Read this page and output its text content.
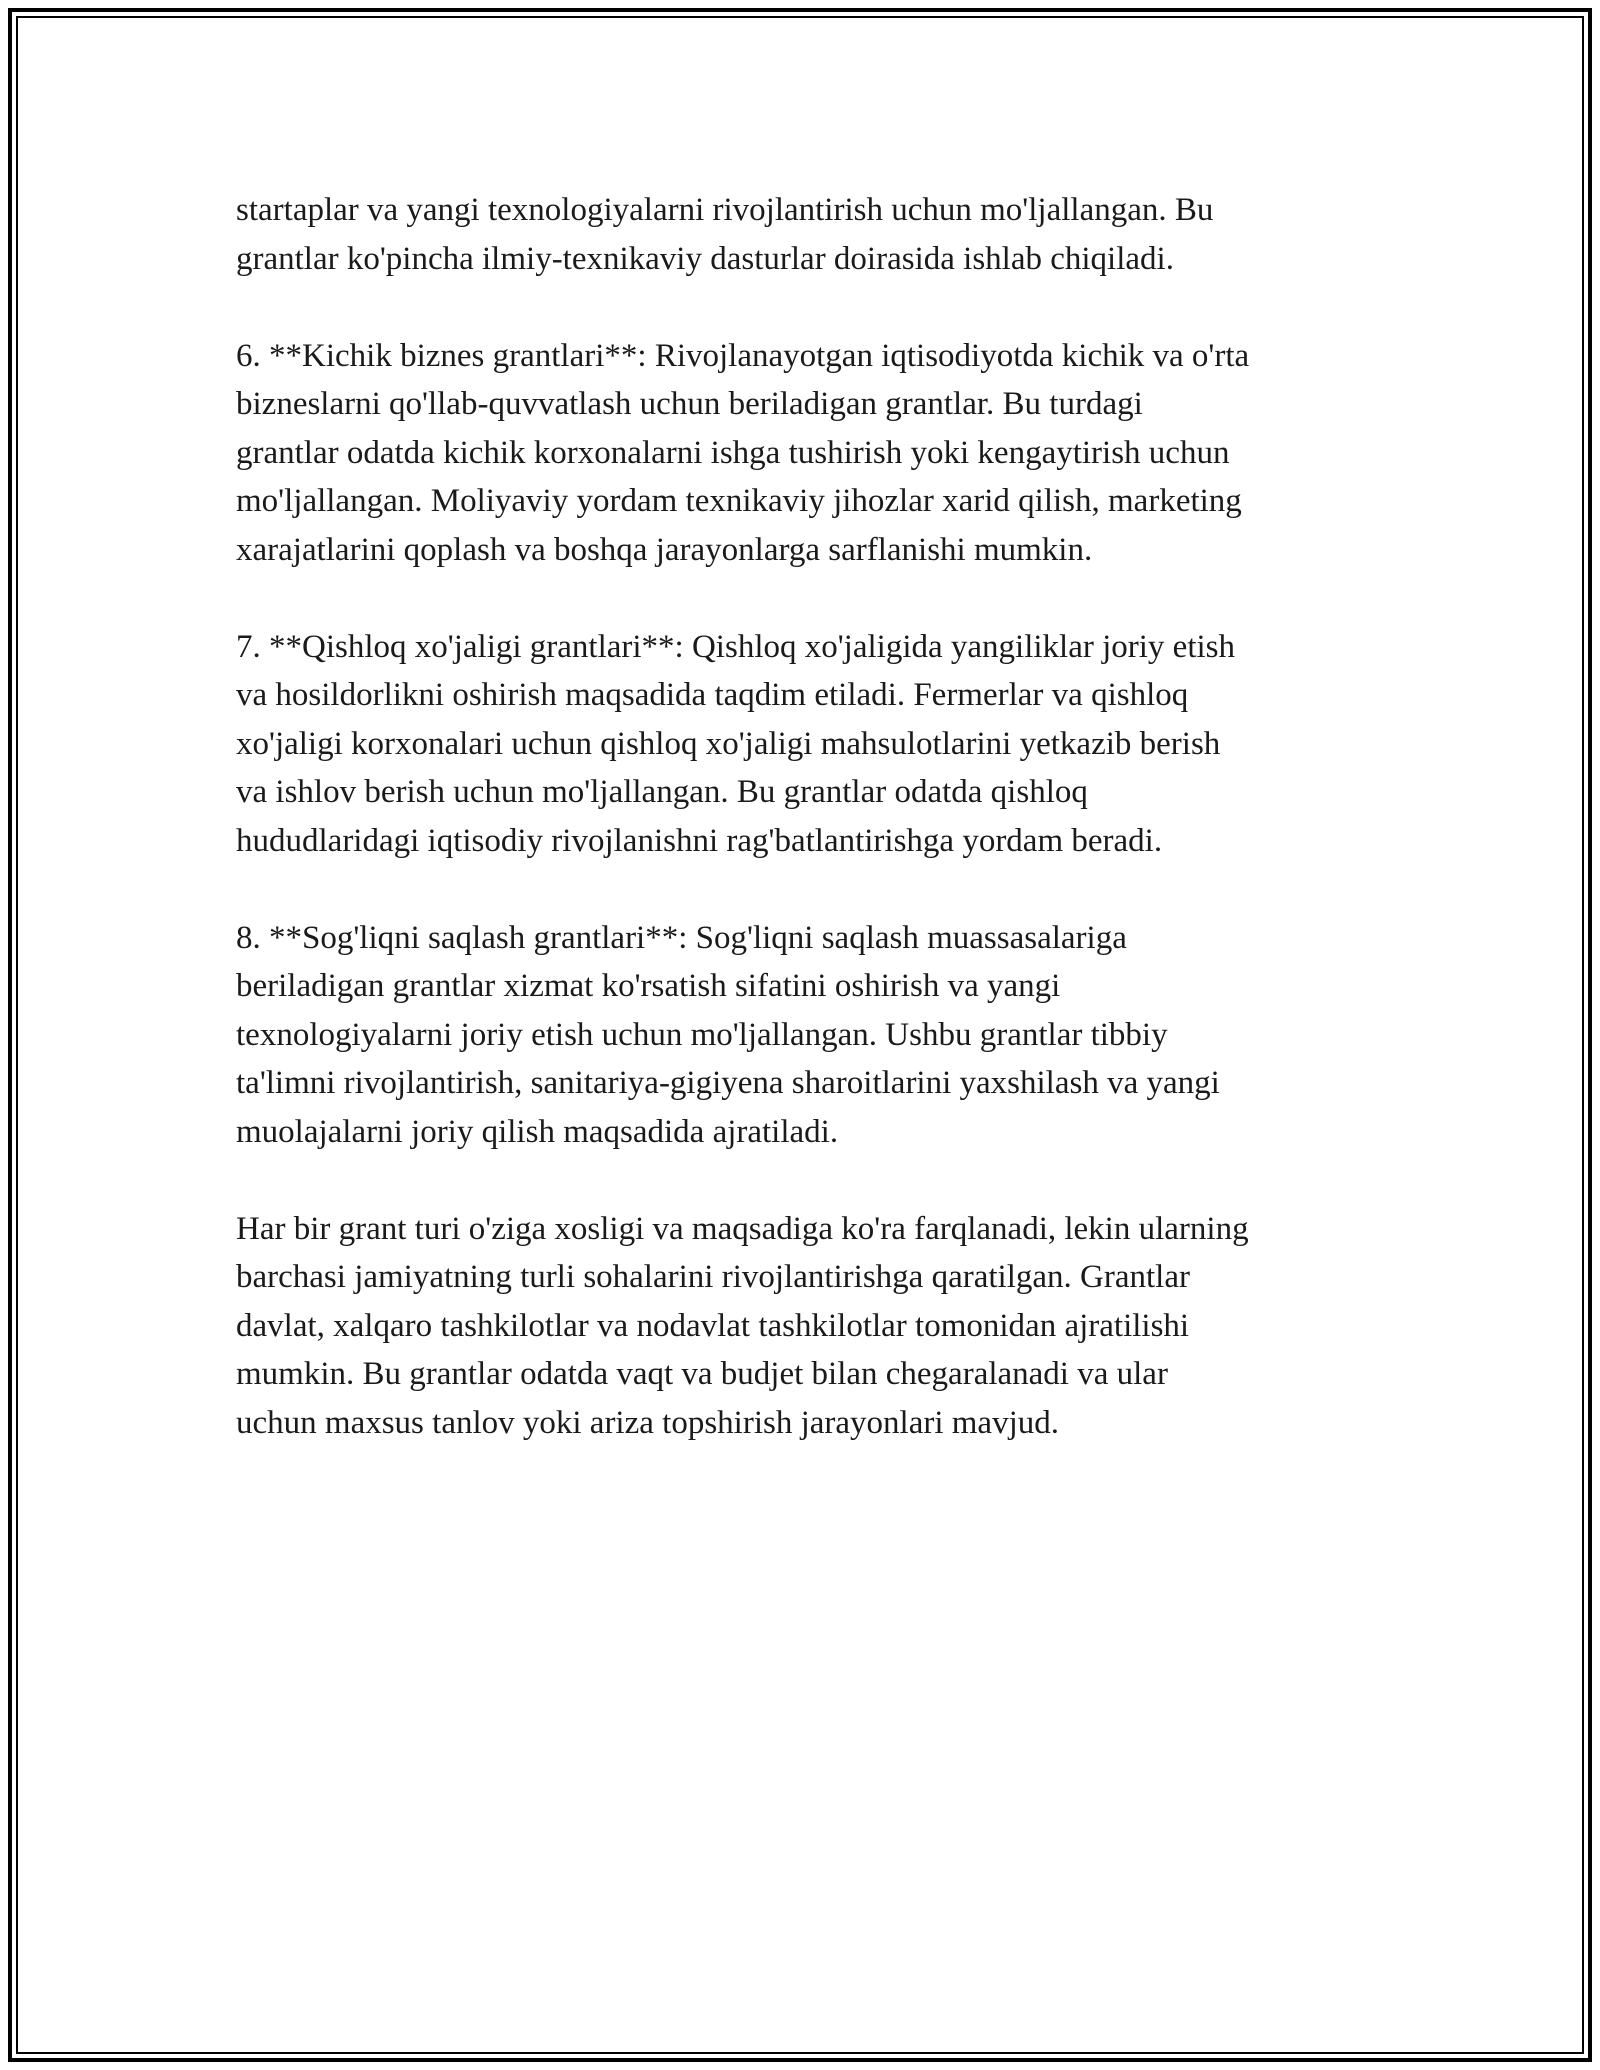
startaplar va yangi texnologiyalarni rivojlantirish uchun mo'ljallangan. Bu
grantlar ko'pincha ilmiy-texnikaviy dasturlar doirasida ishlab chiqiladi.

6. **Kichik biznes grantlari**: Rivojlanayotgan iqtisodiyotda kichik va o'rta
bizneslarni qo'llab-quvvatlash uchun beriladigan grantlar. Bu turdagi
grantlar odatda kichik korxonalarni ishga tushirish yoki kengaytirish uchun
mo'ljallangan. Moliyaviy yordam texnikaviy jihozlar xarid qilish, marketing
xarajatlarini qoplash va boshqa jarayonlarga sarflanishi mumkin.

7. **Qishloq xo'jaligi grantlari**: Qishloq xo'jaligida yangiliklar joriy etish
va hosildorlikni oshirish maqsadida taqdim etiladi. Fermerlar va qishloq
xo'jaligi korxonalari uchun qishloq xo'jaligi mahsulotlarini yetkazib berish
va ishlov berish uchun mo'ljallangan. Bu grantlar odatda qishloq
hududlaridagi iqtisodiy rivojlanishni rag'batlantirishga yordam beradi.

8. **Sog'liqni saqlash grantlari**: Sog'liqni saqlash muassasalariga
beriladigan grantlar xizmat ko'rsatish sifatini oshirish va yangi
texnologiyalarni joriy etish uchun mo'ljallangan. Ushbu grantlar tibbiy
ta'limni rivojlantirish, sanitariya-gigiyena sharoitlarini yaxshilash va yangi
muolajalarni joriy qilish maqsadida ajratiladi.

Har bir grant turi o'ziga xosligi va maqsadiga ko'ra farqlanadi, lekin ularning
barchasi jamiyatning turli sohalarini rivojlantirishga qaratilgan. Grantlar
davlat, xalqaro tashkilotlar va nodavlat tashkilotlar tomonidan ajratilishi
mumkin. Bu grantlar odatda vaqt va budjet bilan chegaralanadi va ular
uchun maxsus tanlov yoki ariza topshirish jarayonlari mavjud.
